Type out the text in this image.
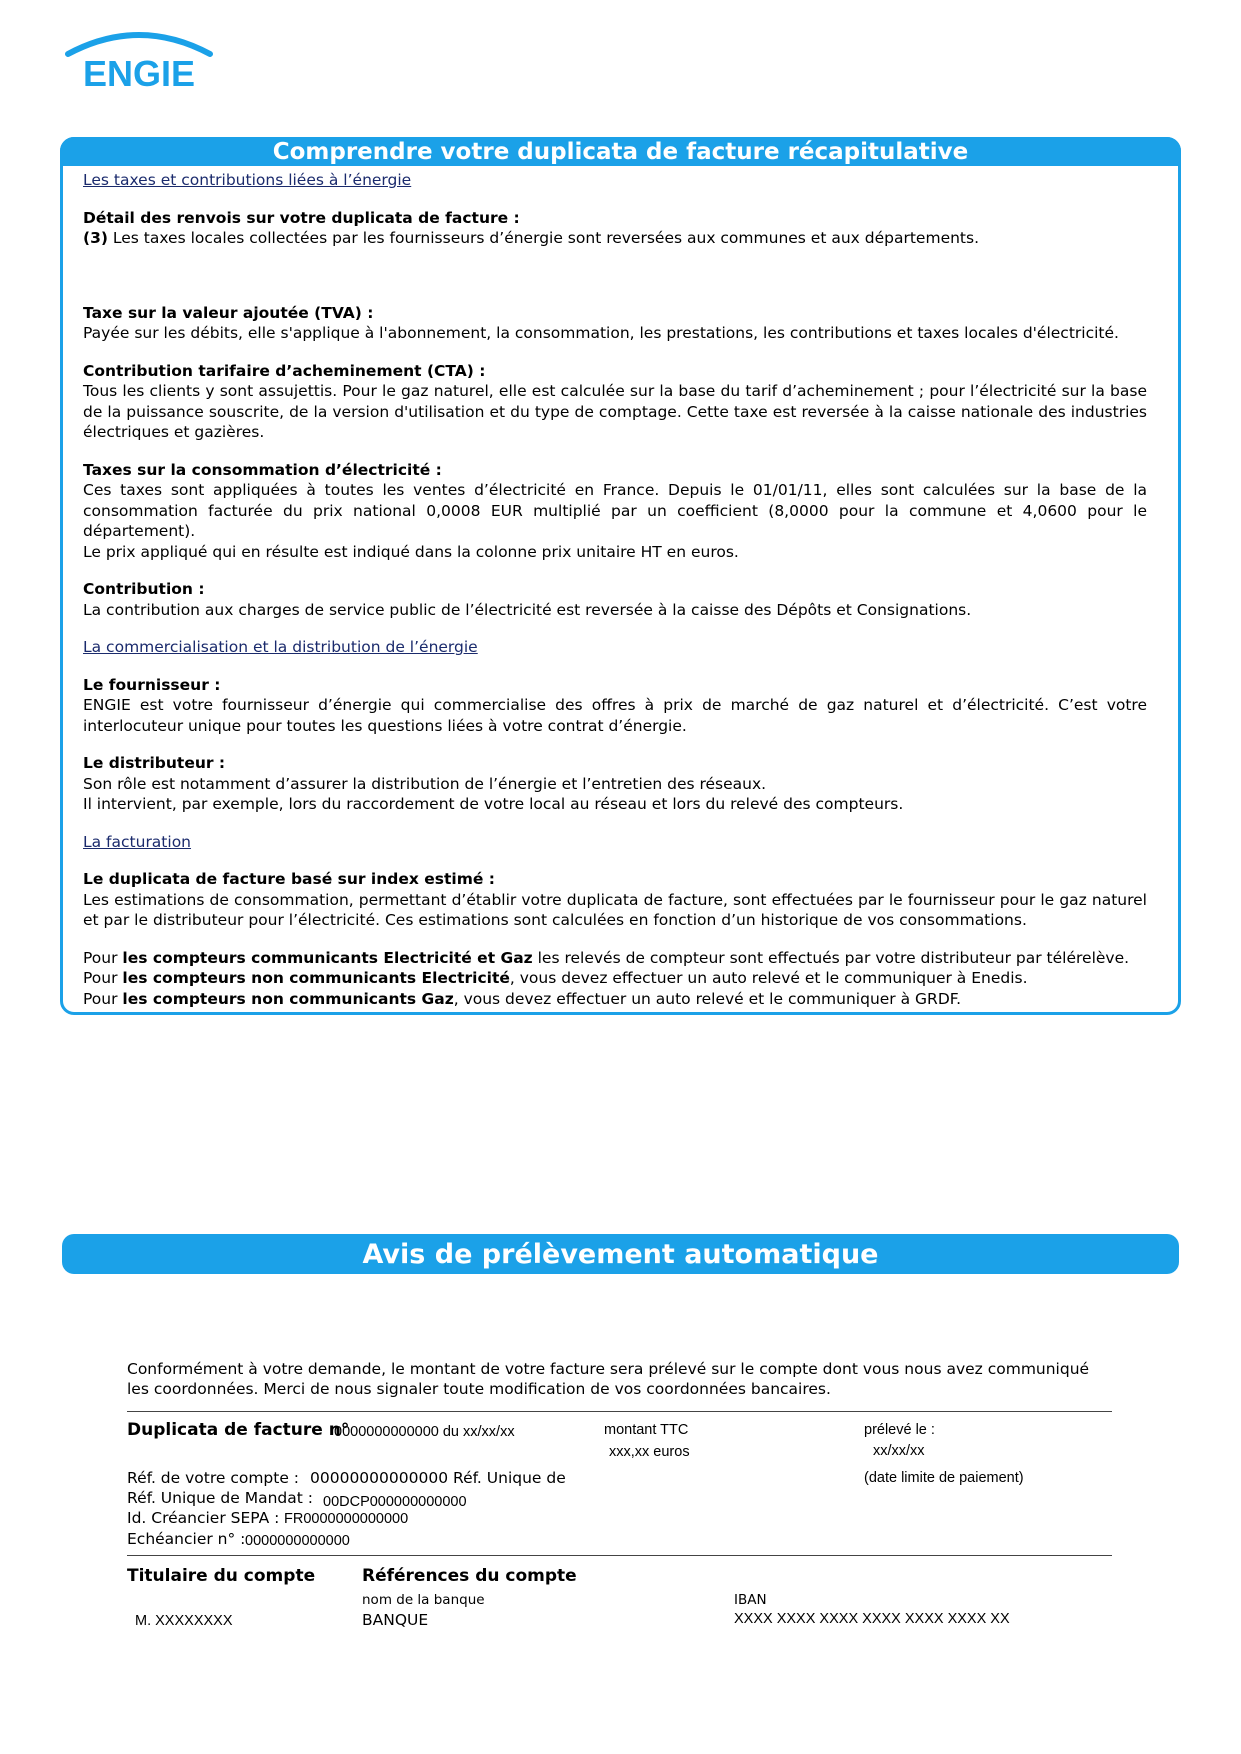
ENGIE
Comprendre votre duplicata de facture récapitulative

Les taxes et contributions liées à l’énergie

Détail des renvois sur votre duplicata de facture :

(3) Les taxes locales collectées par les fournisseurs d’énergie sont reversées aux communes et aux départements.

Taxe sur la valeur ajoutée (TVA) :

Payée sur les débits, elle s'applique à l'abonnement, la consommation, les prestations, les contributions et taxes locales d'électricité.

Contribution tarifaire d’acheminement (CTA) :

Tous les clients y sont assujettis. Pour le gaz naturel, elle est calculée sur la base du tarif d’acheminement ; pour l’électricité sur la base de la puissance souscrite, de la version d'utilisation et du type de comptage. Cette taxe est reversée à la caisse nationale des industries électriques et gazières.

Taxes sur la consommation d’électricité :

Ces taxes sont appliquées à toutes les ventes d’électricité en France. Depuis le 01/01/11, elles sont calculées sur la base de la consommation facturée du prix national 0,0008 EUR multiplié par un coefficient (8,0000 pour la commune et 4,0600 pour le département).

Le prix appliqué qui en résulte est indiqué dans la colonne prix unitaire HT en euros.

Contribution :

La contribution aux charges de service public de l’électricité est reversée à la caisse des Dépôts et Consignations.

La commercialisation et la distribution de l’énergie

Le fournisseur :

ENGIE est votre fournisseur d’énergie qui commercialise des offres à prix de marché de gaz naturel et d’électricité. C’est votre interlocuteur unique pour toutes les questions liées à votre contrat d’énergie.

Le distributeur :

Son rôle est notamment d’assurer la distribution de l’énergie et l’entretien des réseaux.

Il intervient, par exemple, lors du raccordement de votre local au réseau et lors du relevé des compteurs.

La facturation

Le duplicata de facture basé sur index estimé :

Les estimations de consommation, permettant d’établir votre duplicata de facture, sont effectuées par le fournisseur pour le gaz naturel et par le distributeur pour l’électricité. Ces estimations sont calculées en fonction d’un historique de vos consommations.

Pour les compteurs communicants Electricité et Gaz les relevés de compteur sont effectués par votre distributeur par télérelève.

Pour les compteurs non communicants Electricité, vous devez effectuer un auto relevé et le communiquer à Enedis.

Pour les compteurs non communicants Gaz, vous devez effectuer un auto relevé et le communiquer à GRDF.

Avis de prélèvement automatique
Conformément à votre demande, le montant de votre facture sera prélevé sur le compte dont vous nous avez communiqué
les coordonnées. Merci de nous signaler toute modification de vos coordonnées bancaires.
Duplicata de facture n°
0000000000000 du xx/xx/xx	montant TTC
xxx,xx euros
prélevé le :
xx/xx/xx
(date limite de paiement)
Réf. de votre compte : 00000000000000 Réf. Unique de
Réf. Unique de Mandat : 00DCP000000000000
Id. Créancier SEPA : FR0000000000000
Echéancier n° : 0000000000000
Titulaire du compte
M. XXXXXXXX
Références du compte
nom de la banque
BANQUE
IBAN
XXXX XXXX XXXX XXXX XXXX XXXX XX
